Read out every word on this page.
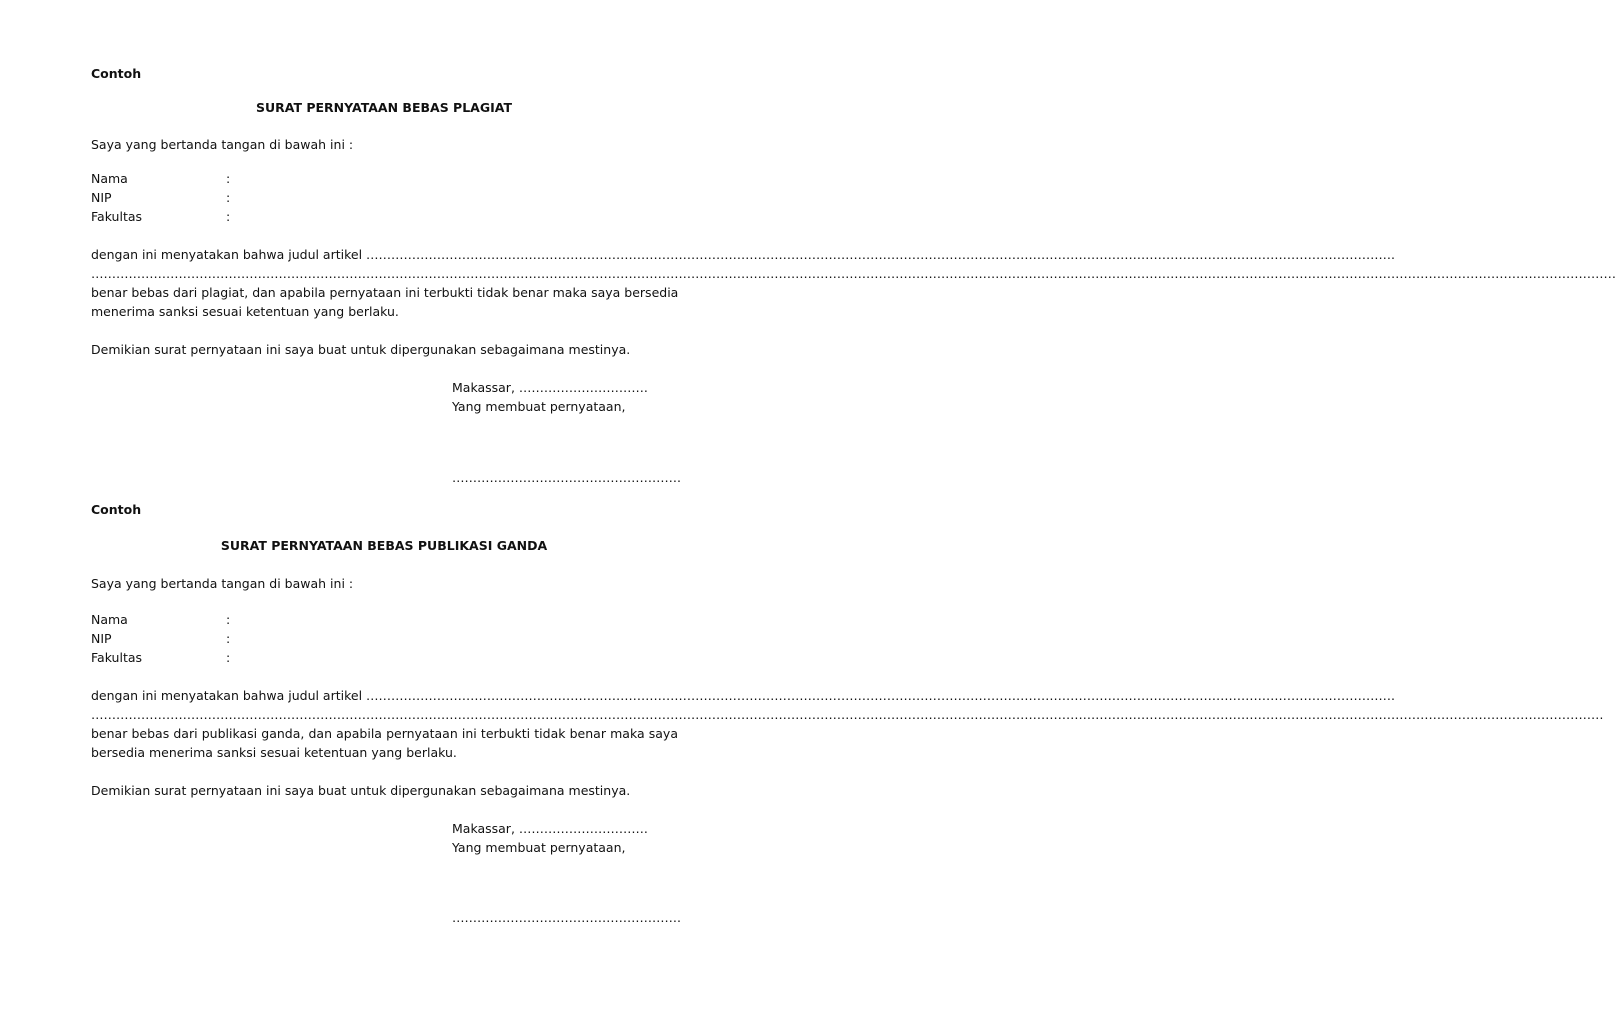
Contoh
SURAT PERNYATAAN BEBAS PLAGIAT
Saya yang bertanda tangan di bawah ini :
Nama	:
NIP	:
Fakultas	:
dengan ini menyatakan bahwa judul artikel ………………………………………………………………………………………………………………………………………………………………………………………………………………………….
……………………………………………………………………………………………………………………………………………………………………………………………………………………………………………………………………………………………………………………………………
benar bebas dari plagiat, dan apabila pernyataan ini terbukti tidak benar maka saya bersedia
menerima sanksi sesuai ketentuan yang berlaku.
Demikian surat pernyataan ini saya buat untuk dipergunakan sebagaimana mestinya.
Makassar, ………………………….
Yang membuat pernyataan,
……………………………………………….
Contoh
SURAT PERNYATAAN BEBAS PUBLIKASI GANDA
Saya yang bertanda tangan di bawah ini :
Nama	:
NIP	:
Fakultas	:
dengan ini menyatakan bahwa judul artikel ………………………………………………………………………………………………………………………………………………………………………………………………………………………….
…………………………………………………………………………………………………………………………………………………………………………………………………………………………………………………………………………………………………………………………………
benar bebas dari publikasi ganda, dan apabila pernyataan ini terbukti tidak benar maka saya
bersedia menerima sanksi sesuai ketentuan yang berlaku.
Demikian surat pernyataan ini saya buat untuk dipergunakan sebagaimana mestinya.
Makassar, ………………………….
Yang membuat pernyataan,
……………………………………………….
